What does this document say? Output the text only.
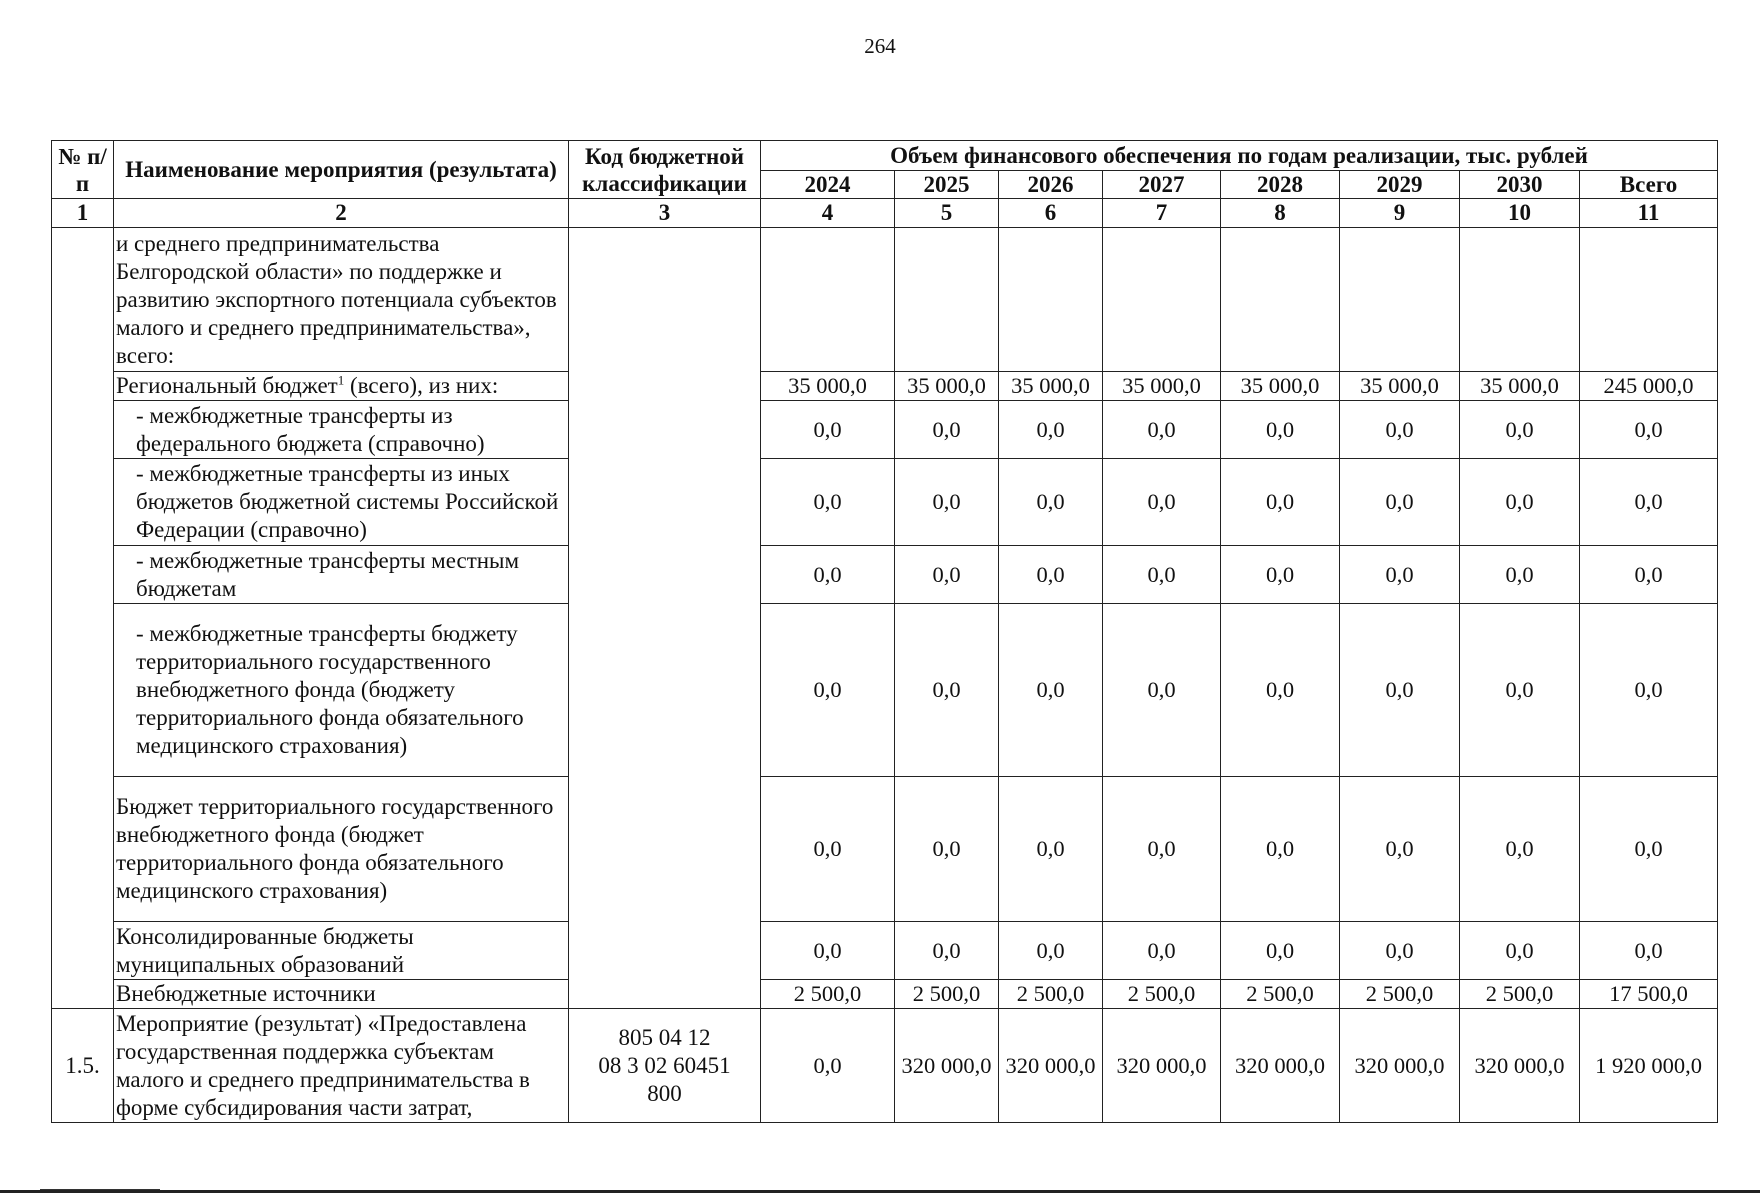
264
№ п/п	Наименование мероприятия (результата)	Код бюджетной классификации	Объем финансового обеспечения по годам реализации, тыс. рублей							
			2024	2025	2026	2027	2028	2029	2030	Всего
1	2	3	4	5	6	7	8	9	10	11
	и среднего предпринимательства Белгородской области» по поддержке и развитию экспортного потенциала субъектов малого и среднего предпринимательства», всего:									
	Региональный бюджет$^1$ (всего), из них:		35 000,0	35 000,0	35 000,0	35 000,0	35 000,0	35 000,0	35 000,0	245 000,0
	- межбюджетные трансферты из федерального бюджета (справочно)		0,0	0,0	0,0	0,0	0,0	0,0	0,0	0,0
	- межбюджетные трансферты из иных бюджетов бюджетной системы Российской Федерации (справочно)		0,0	0,0	0,0	0,0	0,0	0,0	0,0	0,0
	- межбюджетные трансферты местным бюджетам		0,0	0,0	0,0	0,0	0,0	0,0	0,0	0,0
	- межбюджетные трансферты бюджету территориального государственного внебюджетного фонда (бюджету территориального фонда обязательного медицинского страхования)		0,0	0,0	0,0	0,0	0,0	0,0	0,0	0,0
	Бюджет территориального государственного внебюджетного фонда (бюджет территориального фонда обязательного медицинского страхования)		0,0	0,0	0,0	0,0	0,0	0,0	0,0	0,0
	Консолидированные бюджеты муниципальных образований		0,0	0,0	0,0	0,0	0,0	0,0	0,0	0,0
	Внебюджетные источники		2 500,0	2 500,0	2 500,0	2 500,0	2 500,0	2 500,0	2 500,0	17 500,0
1.5.	Мероприятие (результат) «Предоставлена государственная поддержка субъектам малого и среднего предпринимательства в форме субсидирования части затрат,	805 04 12
08 3 02 60451
800	0,0	320 000,0	320 000,0	320 000,0	320 000,0	320 000,0	320 000,0	1 920 000,0
